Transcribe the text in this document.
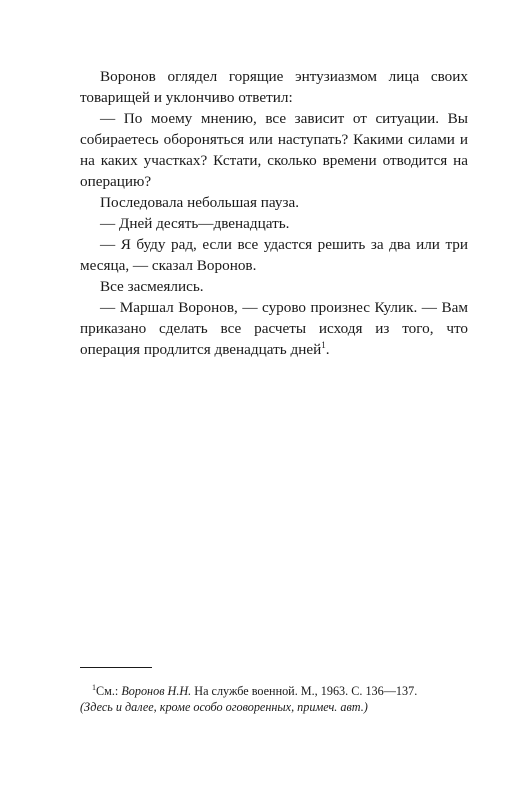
Воронов оглядел горящие энтузиазмом лица своих товарищей и уклончиво ответил:

— По моему мнению, все зависит от ситуации. Вы собираетесь обороняться или наступать? Какими силами и на каких участках? Кстати, сколько времени отводится на операцию?

Последовала небольшая пауза.

— Дней десять—двенадцать.

— Я буду рад, если все удастся решить за два или три месяца, — сказал Воронов.

Все засмеялись.

— Маршал Воронов, — сурово произнес Кулик. — Вам приказано сделать все расчеты исходя из того, что операция продлится двенадцать дней$^1$.

$^1$См.: Воронов Н.Н. На службе военной. М., 1963. С. 136—137.

(Здесь и далее, кроме особо оговоренных, примеч. авт.)
